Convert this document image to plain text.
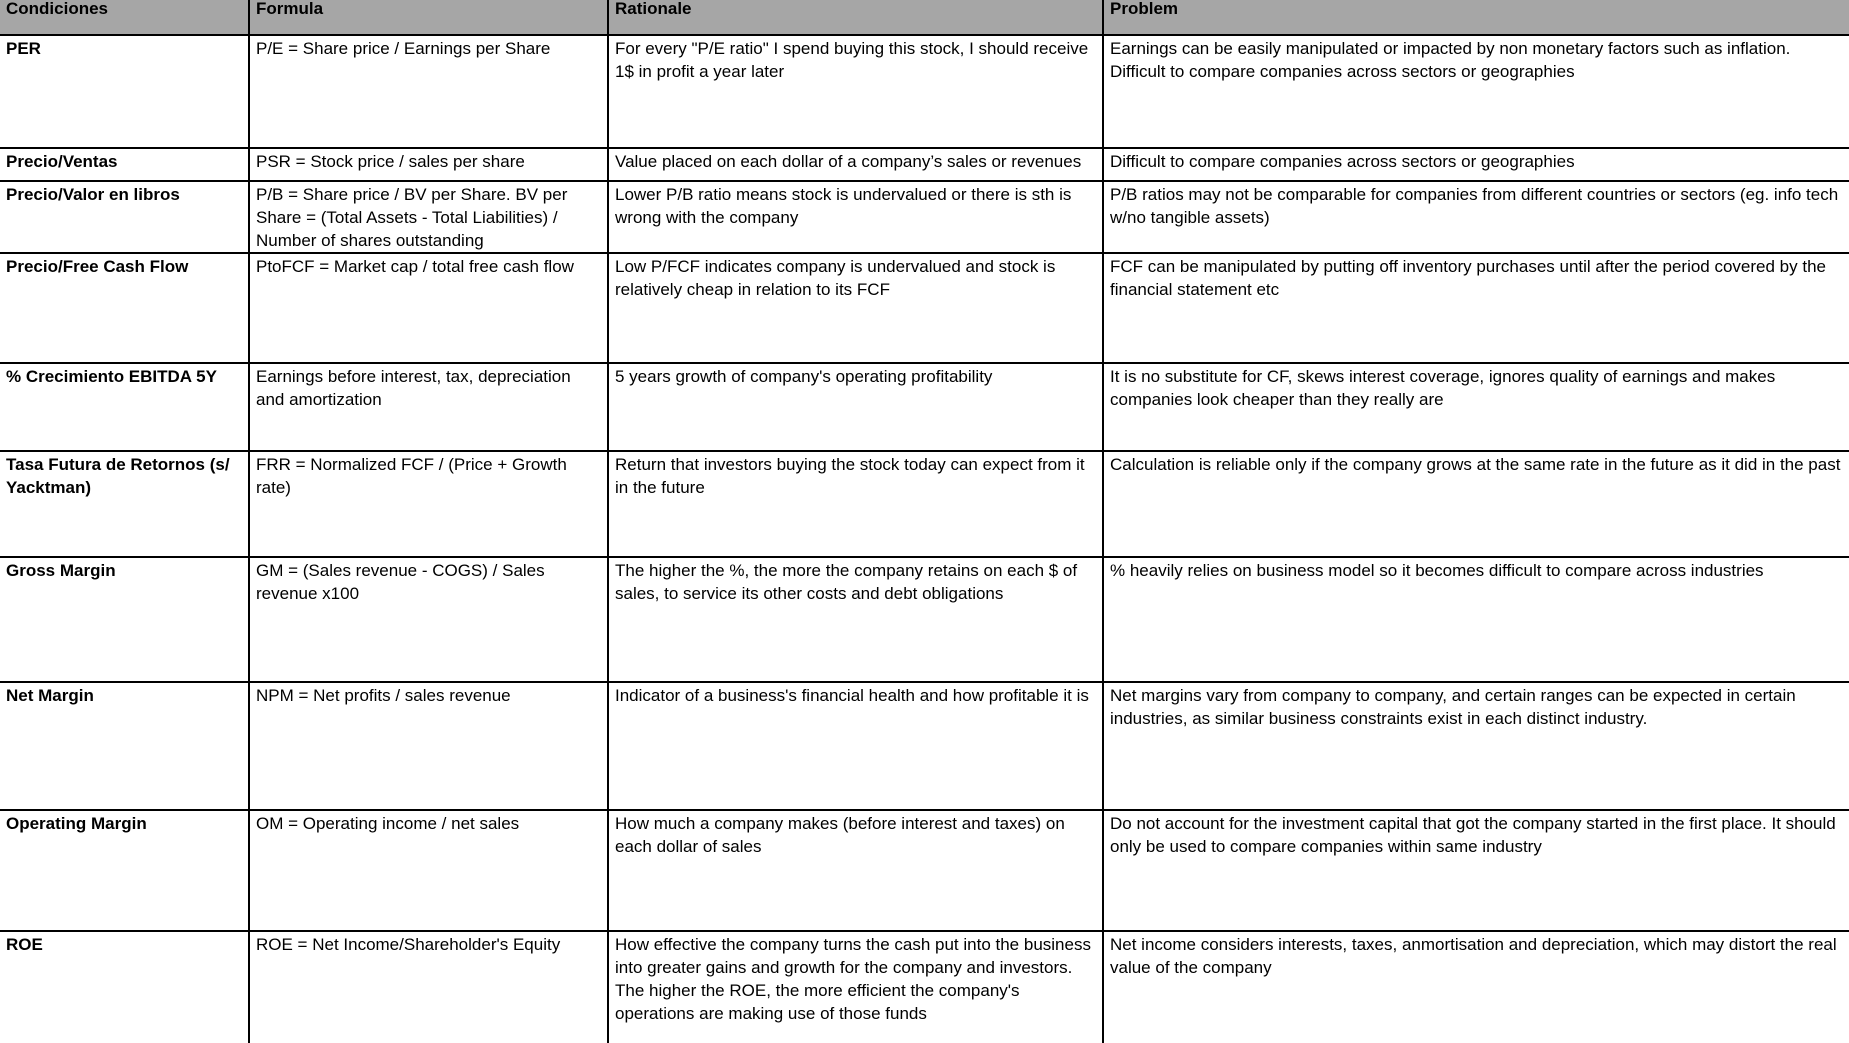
Condiciones	Formula	Rationale	Problem
PER	P/E = Share price / Earnings per Share	For every "P/E ratio" I spend buying this stock, I should receive 1$ in profit a year later	Earnings can be easily manipulated or impacted by non monetary factors such as inflation. Difficult to compare companies across sectors or geographies
Precio/Ventas	PSR = Stock price / sales per share	Value placed on each dollar of a company’s sales or revenues	Difficult to compare companies across sectors or geographies
Precio/Valor en libros	P/B = Share price / BV per Share. BV per Share = (Total Assets - Total Liabilities) / Number of shares outstanding	Lower P/B ratio means stock is undervalued or there is sth is wrong with the company	P/B ratios may not be comparable for companies from different countries or sectors (eg. info tech w/no tangible assets)
Precio/Free Cash Flow	PtoFCF = Market cap / total free cash flow	Low P/FCF indicates company is undervalued and stock is relatively cheap in relation to its FCF	FCF can be manipulated by putting off inventory purchases until after the period covered by the financial statement etc
% Crecimiento EBITDA 5Y	Earnings before interest, tax, depreciation and amortization	5 years growth of company's operating profitability	It is no substitute for CF, skews interest coverage, ignores quality of earnings and makes companies look cheaper than they really are
Tasa Futura de Retornos (s/ Yacktman)	FRR = Normalized FCF / (Price + Growth rate)	Return that investors buying the stock today can expect from it in the future	Calculation is reliable only if the company grows at the same rate in the future as it did in the past
Gross Margin	GM = (Sales revenue - COGS) / Sales revenue x100	The higher the %, the more the company retains on each $ of sales, to service its other costs and debt obligations	% heavily relies on business model so it becomes difficult to compare across industries
Net Margin	NPM = Net profits / sales revenue	Indicator of a business's financial health and how profitable it is	Net margins vary from company to company, and certain ranges can be expected in certain industries, as similar business constraints exist in each distinct industry.
Operating Margin	OM = Operating income / net sales	How much a company makes (before interest and taxes) on each dollar of sales	Do not account for the investment capital that got the company started in the first place. It should only be used to compare companies within same industry
ROE	ROE = Net Income/Shareholder's Equity	How effective the company turns the cash put into the business into greater gains and growth for the company and investors. The higher the ROE, the more efficient the company's operations are making use of those funds	Net income considers interests, taxes, anmortisation and depreciation, which may distort the real value of the company
